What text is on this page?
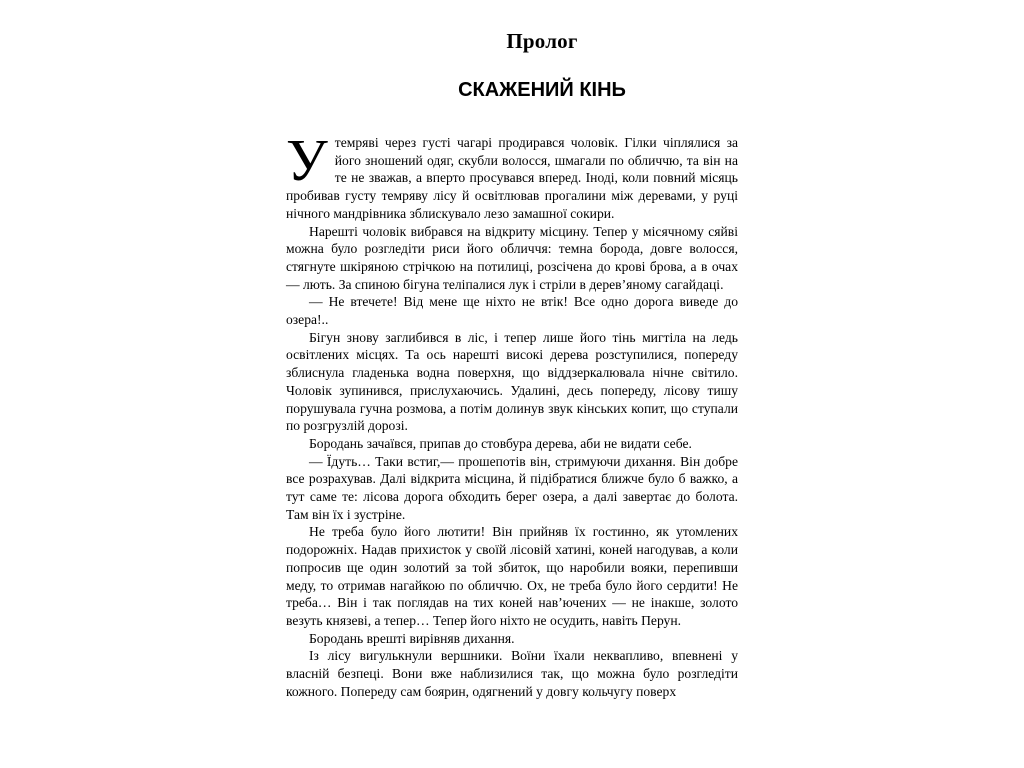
Пролог
СКАЖЕНИЙ КІНЬ

У темряві через густі чагарі продирався чоловік. Гілки чіплялися за його зношений одяг, скубли волосся, шмагали по обличчю, та він на те не зважав, а вперто просувався вперед. Іноді, коли повний місяць пробивав густу темряву лісу й освітлював прогалини між деревами, у руці нічного мандрівника зблискувало лезо замашної сокири.

Нарешті чоловік вибрався на відкриту місцину. Тепер у місячному сяйві можна було розгледіти риси його обличчя: темна борода, довге волосся, стягнуте шкіряною стрічкою на потилиці, розсічена до крові брова, а в очах — лють. За спиною бігуна теліпалися лук і стріли в дерев’яному сагайдаці.

— Не втечете! Від мене ще ніхто не втік! Все одно дорога виведе до озера!..

Бігун знову заглибився в ліс, і тепер лише його тінь мигтіла на ледь освітлених місцях. Та ось нарешті високі дерева розступилися, попереду зблиснула гладенька водна поверхня, що віддзеркалювала нічне світило. Чоловік зупинився, прислухаючись. Удалині, десь попереду, лісову тишу порушувала гучна розмова, а потім долинув звук кінських копит, що ступали по розгрузлій дорозі.

Бородань зачаївся, припав до стовбура дерева, аби не видати себе.

— Їдуть… Таки встиг,— прошепотів він, стримуючи дихання. Він добре все розрахував. Далі відкрита місцина, й підібратися ближче було б важко, а тут саме те: лісова дорога обходить берег озера, а далі завертає до болота. Там він їх і зустріне.

Не треба було його лютити! Він прийняв їх гостинно, як утомлених подорожніх. Надав прихисток у своїй лісовій хатині, коней нагодував, а коли попросив ще один золотий за той збиток, що наробили вояки, перепивши меду, то отримав нагайкою по обличчю. Ох, не треба було його сердити! Не треба… Він і так поглядав на тих коней нав’ючених — не інакше, золото везуть князеві, а тепер… Тепер його ніхто не осудить, навіть Перун.

Бородань врешті вирівняв дихання.

Із лісу вигулькнули вершники. Воїни їхали неквапливо, впевнені у власній безпеці. Вони вже наблизилися так, що можна було розгледіти кожного. Попереду сам боярин, одягнений у довгу кольчугу поверх
